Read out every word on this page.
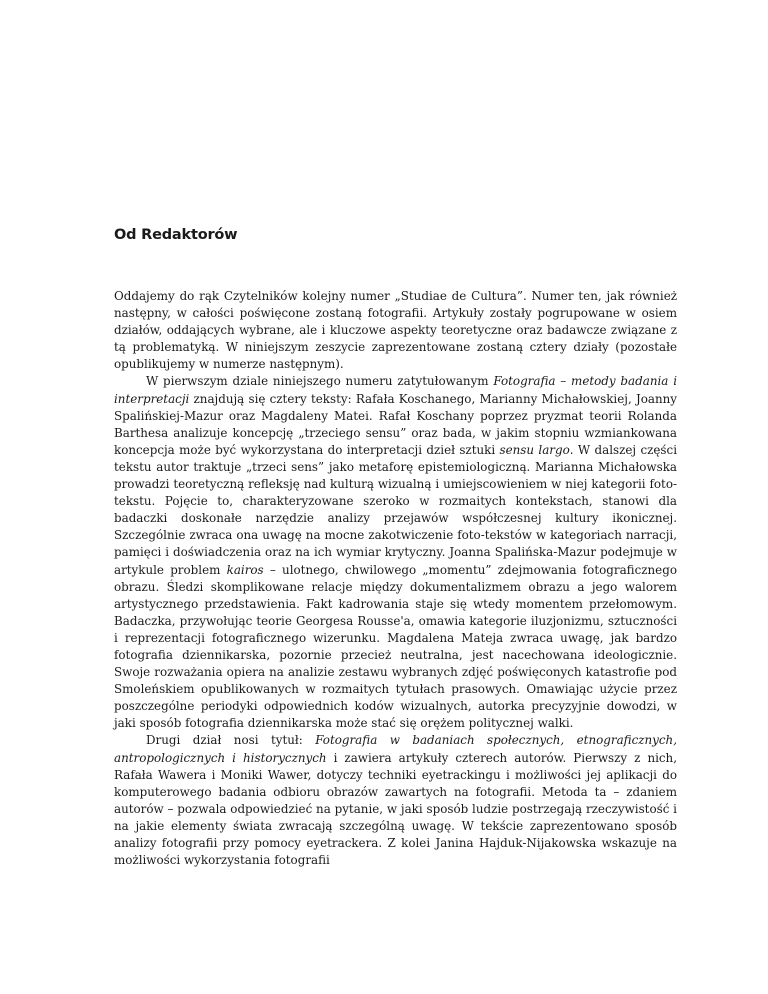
Od Redaktorów

Oddajemy do rąk Czytelników kolejny numer „Studiae de Cultura”. Numer ten, jak również następny, w całości poświęcone zostaną fotografii. Artykuły zostały pogrupowane w osiem działów, oddających wybrane, ale i kluczowe aspekty teoretyczne oraz badawcze związane z tą problematyką. W niniejszym zeszycie zaprezentowane zostaną cztery działy (pozostałe opublikujemy w numerze następnym).

W pierwszym dziale niniejszego numeru zatytułowanym Fotografia – metody badania i interpretacji znajdują się cztery teksty: Rafała Koschanego, Marianny Michałowskiej, Joanny Spalińskiej-Mazur oraz Magdaleny Matei. Rafał Koschany poprzez pryzmat teorii Rolanda Barthesa analizuje koncepcję „trzeciego sensu” oraz bada, w jakim stopniu wzmiankowana koncepcja może być wykorzystana do interpretacji dzieł sztuki sensu largo. W dalszej części tekstu autor traktuje „trzeci sens” jako metaforę epistemiologiczną. Marianna Michałowska prowadzi teoretyczną refleksję nad kulturą wizualną i umiejscowieniem w niej kategorii foto-tekstu. Pojęcie to, charakteryzowane szeroko w rozmaitych kontekstach, stanowi dla badaczki doskonałe narzędzie analizy przejawów współczesnej kultury ikonicznej. Szczególnie zwraca ona uwagę na mocne zakotwiczenie foto-tekstów w kategoriach narracji, pamięci i doświadczenia oraz na ich wymiar krytyczny. Joanna Spalińska-Mazur podejmuje w artykule problem kairos – ulotnego, chwilowego „momentu” zdejmowania fotograficznego obrazu. Śledzi skomplikowane relacje między dokumentalizmem obrazu a jego walorem artystycznego przedstawienia. Fakt kadrowania staje się wtedy momentem przełomowym. Badaczka, przywołując teorie Georgesa Rousse'a, omawia kategorie iluzjonizmu, sztuczności i reprezentacji fotograficznego wizerunku. Magdalena Mateja zwraca uwagę, jak bardzo fotografia dziennikarska, pozornie przecież neutralna, jest nacechowana ideologicznie. Swoje rozważania opiera na analizie zestawu wybranych zdjęć poświęconych katastrofie pod Smoleńskiem opublikowanych w rozmaitych tytułach prasowych. Omawiając użycie przez poszczególne periodyki odpowiednich kodów wizualnych, autorka precyzyjnie dowodzi, w jaki sposób fotografia dziennikarska może stać się orężem politycznej walki.

Drugi dział nosi tytuł: Fotografia w badaniach społecznych, etnograficznych, antropologicznych i historycznych i zawiera artykuły czterech autorów. Pierwszy z nich, Rafała Wawera i Moniki Wawer, dotyczy techniki eyetrackingu i możliwości jej aplikacji do komputerowego badania odbioru obrazów zawartych na fotografii. Metoda ta – zdaniem autorów – pozwala odpowiedzieć na pytanie, w jaki sposób ludzie postrzegają rzeczywistość i na jakie elementy świata zwracają szczególną uwagę. W tekście zaprezentowano sposób analizy fotografii przy pomocy eyetrackera. Z kolei Janina Hajduk-Nijakowska wskazuje na możliwości wykorzystania fotografii
